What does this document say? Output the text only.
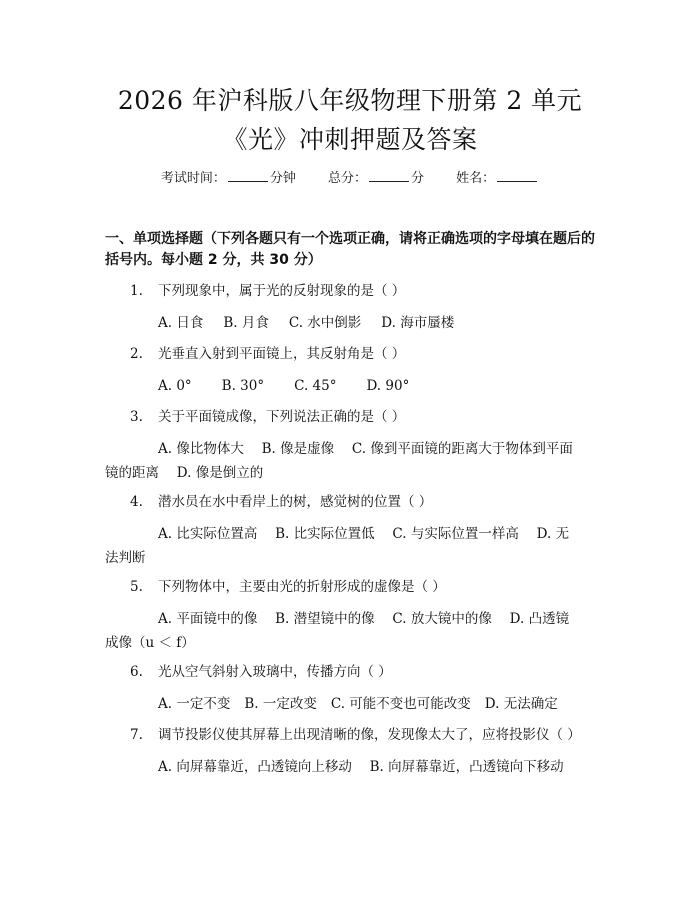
2026 年沪科版八年级物理下册第 2 单元
《光》冲刺押题及答案
考试时间：	分钟 总分：	分 姓名：
一、单项选择题（下列各题只有一个选项正确，请将正确选项的字母填在题后的
括号内。每小题 2 分，共 30 分）
1. 下列现象中，属于光的反射现象的是（ ）
A. 日食 B. 月食 C. 水中倒影 D. 海市蜃楼
2. 光垂直入射到平面镜上，其反射角是（ ）
A. 0° B. 30° C. 45° D. 90°
3. 关于平面镜成像，下列说法正确的是（ ）
A. 像比物体大　 B. 像是虚像　 C. 像到平面镜的距离大于物体到平面
镜的距离　 D. 像是倒立的
4. 潜水员在水中看岸上的树，感觉树的位置（ ）
A. 比实际位置高　 B. 比实际位置低　 C. 与实际位置一样高　 D. 无
法判断
5. 下列物体中，主要由光的折射形成的虚像是（ ）
A. 平面镜中的像　 B. 潜望镜中的像　 C. 放大镜中的像　 D. 凸透镜
成像（u ＜ f）
6. 光从空气斜射入玻璃中，传播方向（ ）
A. 一定不变 B. 一定改变 C. 可能不变也可能改变 D. 无法确定
7. 调节投影仪使其屏幕上出现清晰的像，发现像太大了，应将投影仪（ ）
A. 向屏幕靠近，凸透镜向上移动　 B. 向屏幕靠近，凸透镜向下移动
